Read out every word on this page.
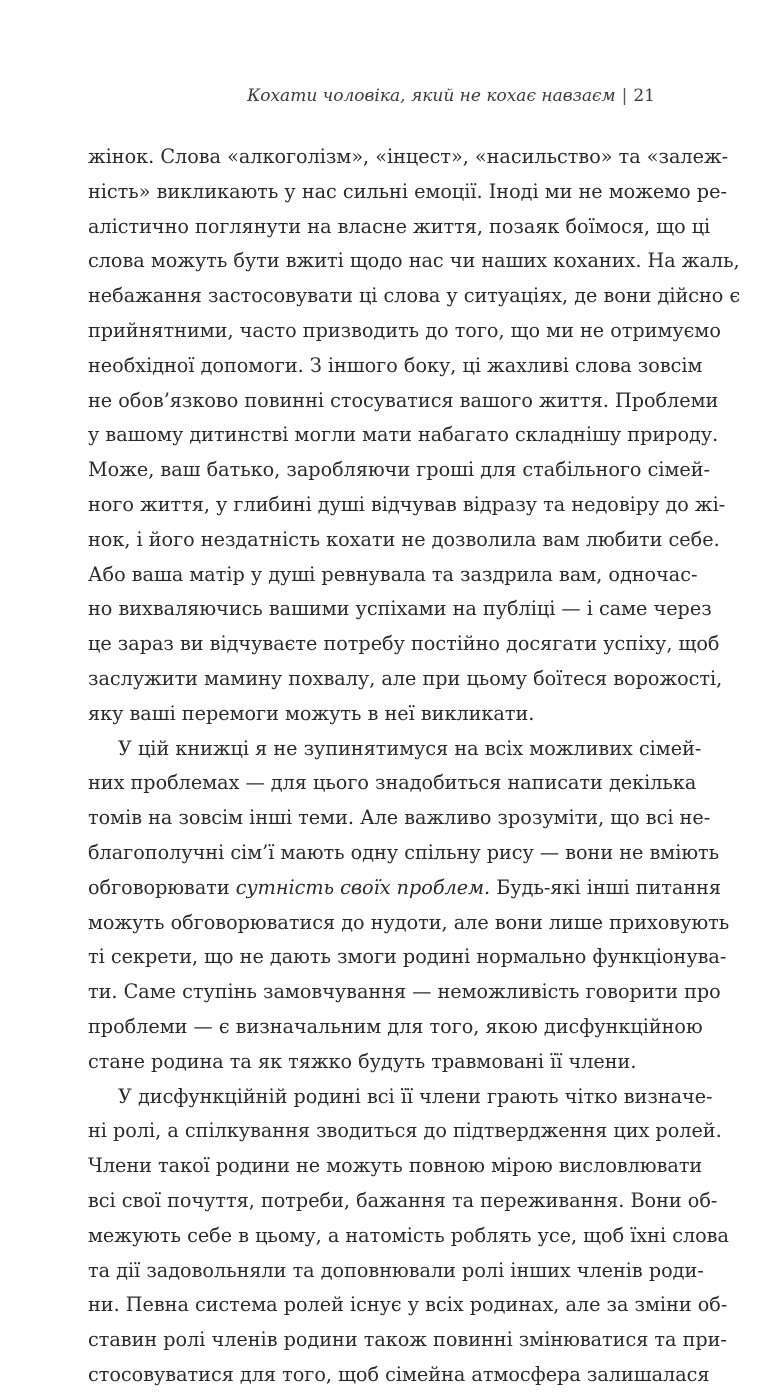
Кохати чоловіка, який не кохає навзаєм | 21
жінок. Слова «алкоголізм», «інцест», «насильство» та «залеж-
ність» викликають у нас сильні емоції. Іноді ми не можемо ре-
алістично поглянути на власне життя, позаяк боїмося, що ці
слова можуть бути вжиті щодо нас чи наших коханих. На жаль,
небажання застосовувати ці слова у ситуаціях, де вони дійсно є
прийнятними, часто призводить до того, що ми не отримуємо
необхідної допомоги. З іншого боку, ці жахливі слова зовсім
не обов’язково повинні стосуватися вашого життя. Проблеми
у вашому дитинстві могли мати набагато складнішу природу.
Може, ваш батько, заробляючи гроші для стабільного сімей-
ного життя, у глибині душі відчував відразу та недовіру до жі-
нок, і його нездатність кохати не дозволила вам любити себе.
Або ваша матір у душі ревнувала та заздрила вам, одночас-
но вихваляючись вашими успіхами на публіці — і саме через
це зараз ви відчуваєте потребу постійно досягати успіху, щоб
заслужити мамину похвалу, але при цьому боїтеся ворожості,
яку ваші перемоги можуть в неї викликати.
У цій книжці я не зупинятимуся на всіх можливих сімей-
них проблемах — для цього знадобиться написати декілька
томів на зовсім інші теми. Але важливо зрозуміти, що всі не-
благополучні сім’ї мають одну спільну рису — вони не вміють
обговорювати сутність своїх проблем. Будь-які інші питання
можуть обговорюватися до нудоти, але вони лише приховують
ті секрети, що не дають змоги родині нормально функціонува-
ти. Саме ступінь замовчування — неможливість говорити про
проблеми — є визначальним для того, якою дисфункційною
стане родина та як тяжко будуть травмовані її члени.
У дисфункційній родині всі її члени грають чітко визначе-
ні ролі, а спілкування зводиться до підтвердження цих ролей.
Члени такої родини не можуть повною мірою висловлювати
всі свої почуття, потреби, бажання та переживання. Вони об-
межують себе в цьому, а натомість роблять усе, щоб їхні слова
та дії задовольняли та доповнювали ролі інших членів роди-
ни. Певна система ролей існує у всіх родинах, але за зміни об-
ставин ролі членів родини також повинні змінюватися та при-
стосовуватися для того, щоб сімейна атмосфера залишалася
